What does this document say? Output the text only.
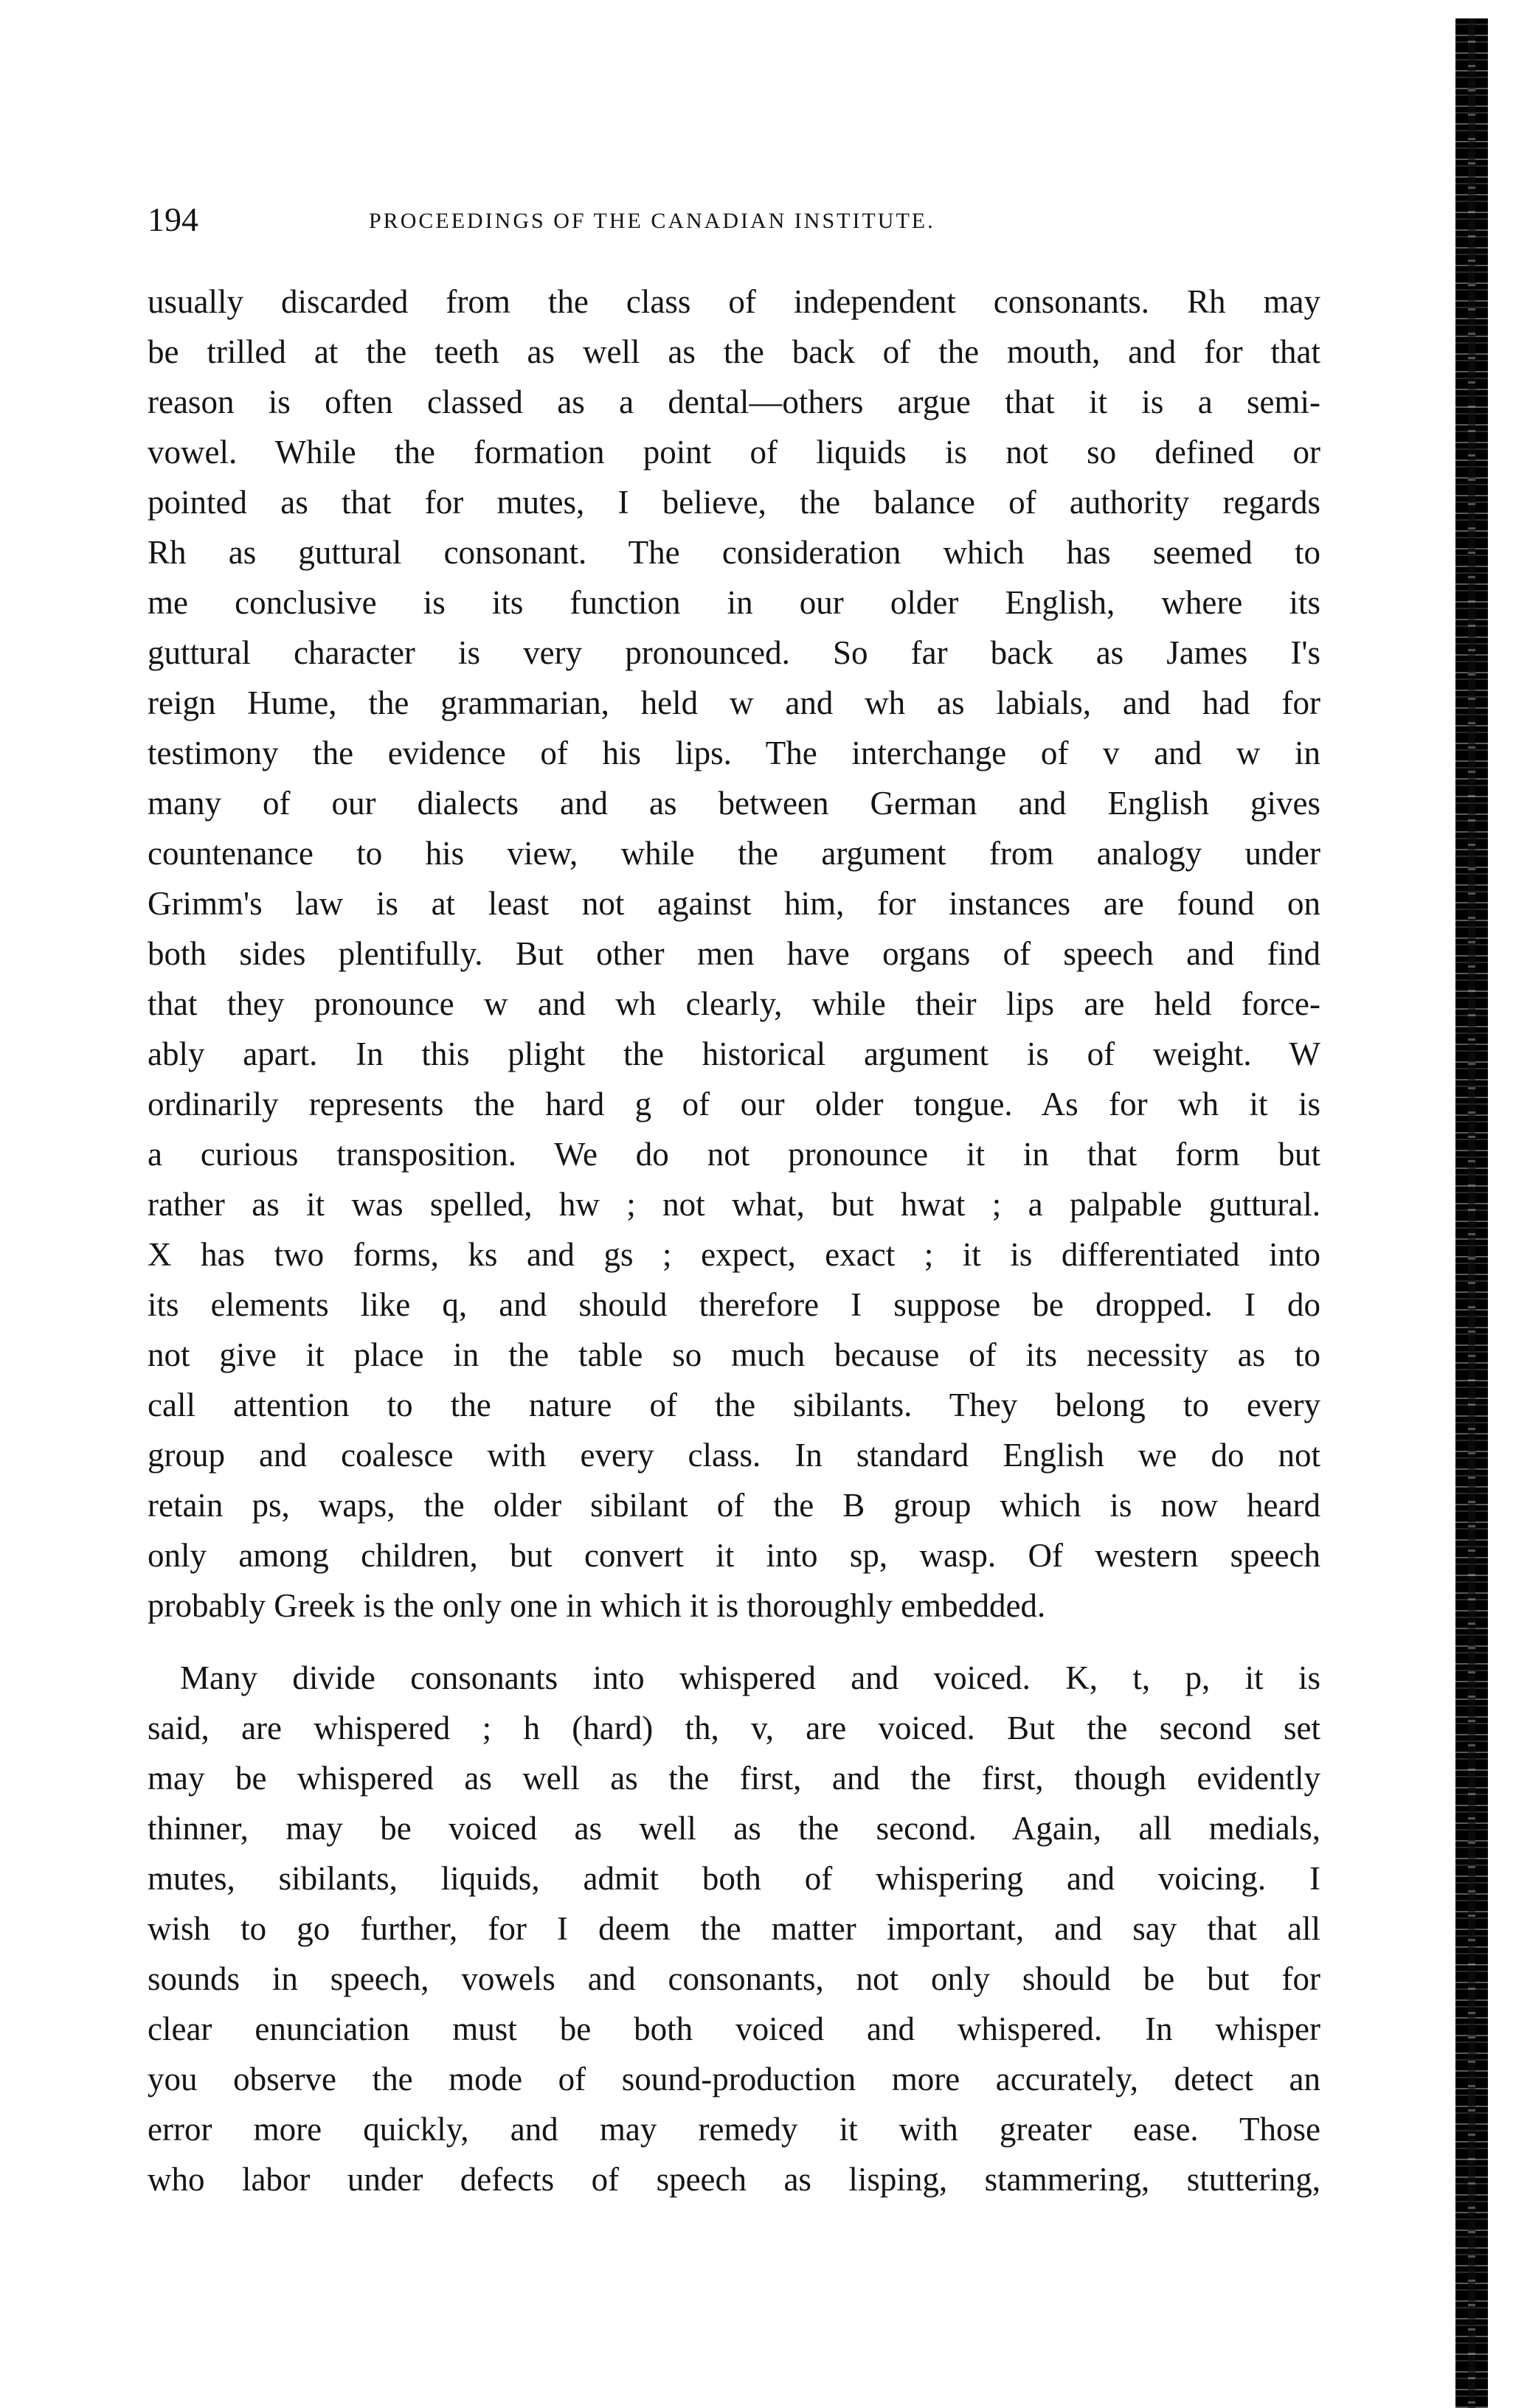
194	PROCEEDINGS OF THE CANADIAN INSTITUTE.
usually discarded from the class of independent consonants. Rh may
be trilled at the teeth as well as the back of the mouth, and for that
reason is often classed as a dental—others argue that it is a semi-
vowel. While the formation point of liquids is not so defined or
pointed as that for mutes, I believe, the balance of authority regards
Rh as guttural consonant. The consideration which has seemed to
me conclusive is its function in our older English, where its
guttural character is very pronounced. So far back as James I's
reign Hume, the grammarian, held w and wh as labials, and had for
testimony the evidence of his lips. The interchange of v and w in
many of our dialects and as between German and English gives
countenance to his view, while the argument from analogy under
Grimm's law is at least not against him, for instances are found on
both sides plentifully. But other men have organs of speech and find
that they pronounce w and wh clearly, while their lips are held force-
ably apart. In this plight the historical argument is of weight. W
ordinarily represents the hard g of our older tongue. As for wh it is
a curious transposition. We do not pronounce it in that form but
rather as it was spelled, hw ; not what, but hwat ; a palpable guttural.
X has two forms, ks and gs ; expect, exact ; it is differentiated into
its elements like q, and should therefore I suppose be dropped. I do
not give it place in the table so much because of its necessity as to
call attention to the nature of the sibilants. They belong to every
group and coalesce with every class. In standard English we do not
retain ps, waps, the older sibilant of the B group which is now heard
only among children, but convert it into sp, wasp. Of western speech
probably Greek is the only one in which it is thoroughly embedded.
Many divide consonants into whispered and voiced. K, t, p, it is
said, are whispered ; h (hard) th, v, are voiced. But the second set
may be whispered as well as the first, and the first, though evidently
thinner, may be voiced as well as the second. Again, all medials,
mutes, sibilants, liquids, admit both of whispering and voicing. I
wish to go further, for I deem the matter important, and say that all
sounds in speech, vowels and consonants, not only should be but for
clear enunciation must be both voiced and whispered. In whisper
you observe the mode of sound-production more accurately, detect an
error more quickly, and may remedy it with greater ease. Those
who labor under defects of speech as lisping, stammering, stuttering,
